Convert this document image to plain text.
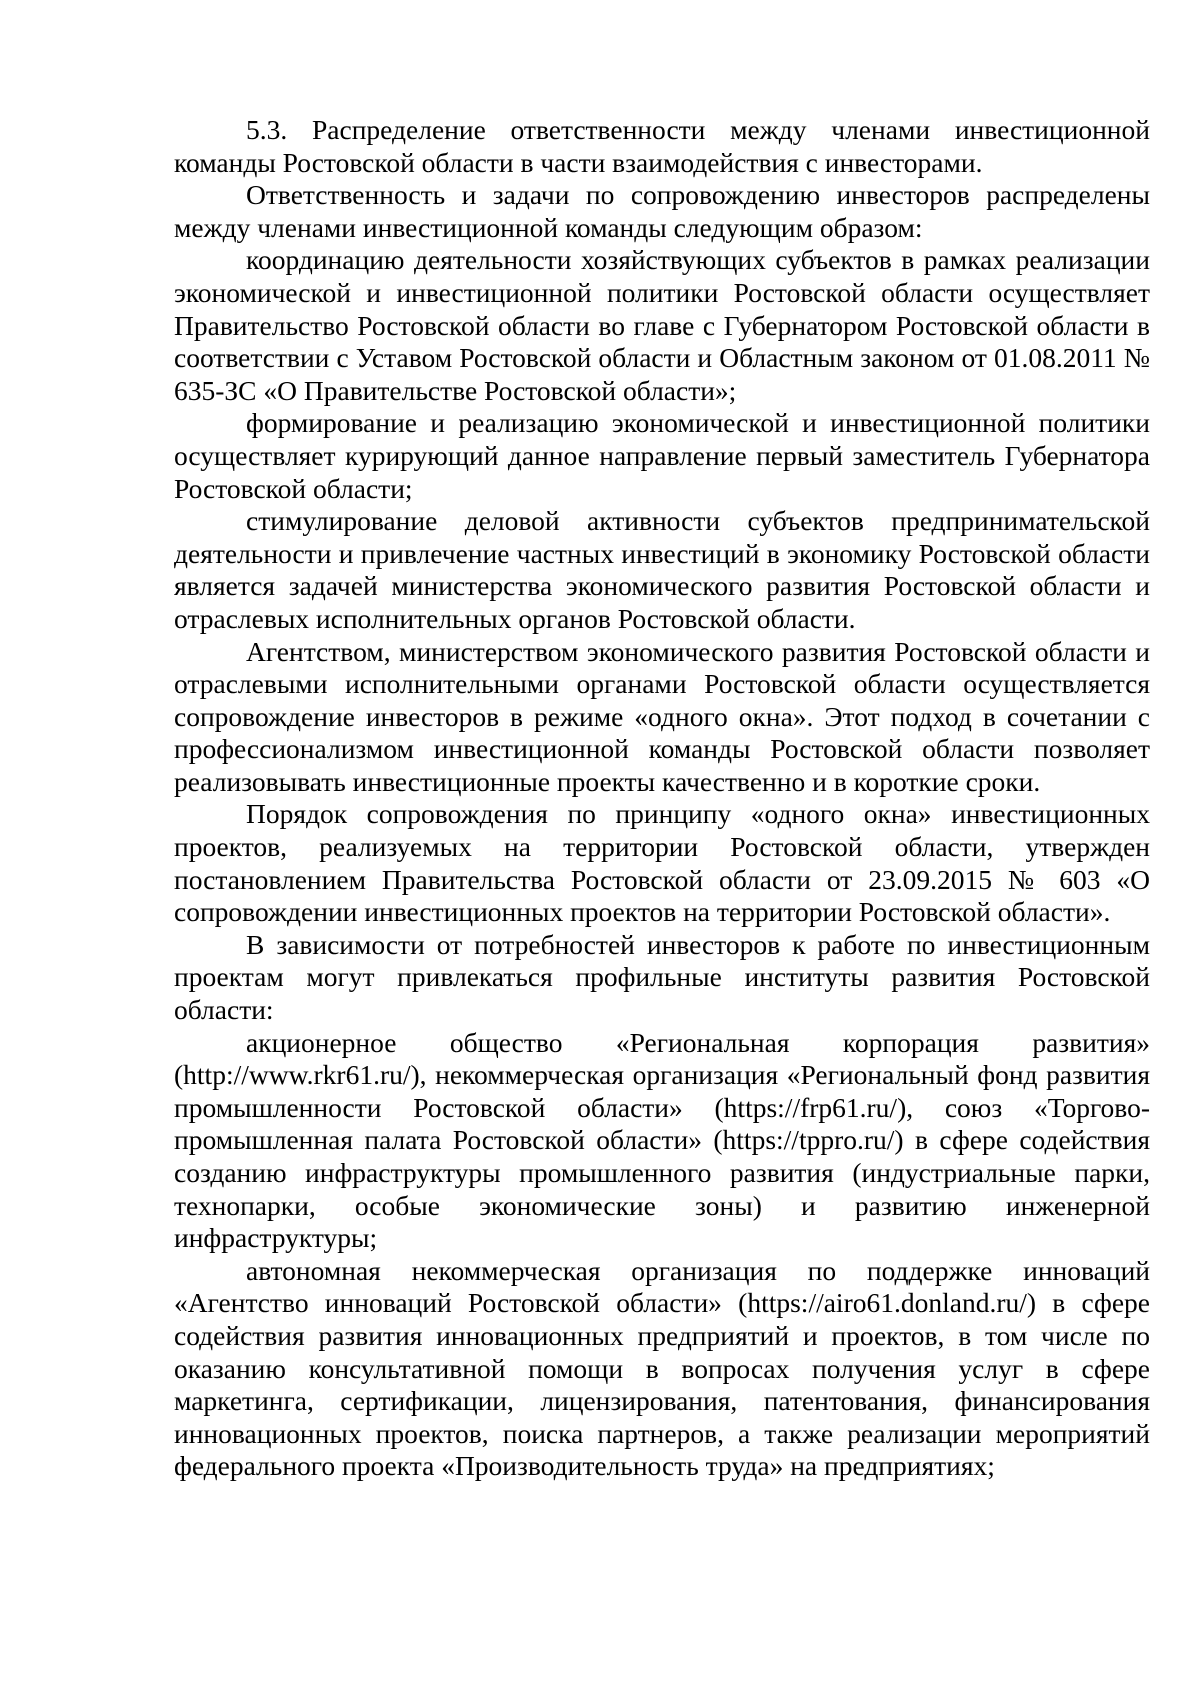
5.3. Распределение ответственности между членами инвестиционной команды Ростовской области в части взаимодействия с инвесторами.

Ответственность и задачи по сопровождению инвесторов распределены между членами инвестиционной команды следующим образом:

координацию деятельности хозяйствующих субъектов в рамках реализации экономической и инвестиционной политики Ростовской области осуществляет Правительство Ростовской области во главе с Губернатором Ростовской области в соответствии с Уставом Ростовской области и Областным законом от 01.08.2011 № 635-ЗС «О Правительстве Ростовской области»;

формирование и реализацию экономической и инвестиционной политики осуществляет курирующий данное направление первый заместитель Губернатора Ростовской области;

стимулирование деловой активности субъектов предпринимательской деятельности и привлечение частных инвестиций в экономику Ростовской области является задачей министерства экономического развития Ростовской области и отраслевых исполнительных органов Ростовской области.

Агентством, министерством экономического развития Ростовской области и отраслевыми исполнительными органами Ростовской области осуществляется сопровождение инвесторов в режиме «одного окна». Этот подход в сочетании с профессионализмом инвестиционной команды Ростовской области позволяет реализовывать инвестиционные проекты качественно и в короткие сроки.

Порядок сопровождения по принципу «одного окна» инвестиционных проектов, реализуемых на территории Ростовской области, утвержден постановлением Правительства Ростовской области от 23.09.2015 № 603 «О сопровождении инвестиционных проектов на территории Ростовской области».

В зависимости от потребностей инвесторов к работе по инвестиционным проектам могут привлекаться профильные институты развития Ростовской области:

акционерное общество «Региональная корпорация развития» (http://www.rkr61.ru/), некоммерческая организация «Региональный фонд развития промышленности Ростовской области» (https://frp61.ru/), союз «Торгово-промышленная палата Ростовской области» (https://tppro.ru/) в сфере содействия созданию инфраструктуры промышленного развития (индустриальные парки, технопарки, особые экономические зоны) и развитию инженерной инфраструктуры;

автономная некоммерческая организация по поддержке инноваций «Агентство инноваций Ростовской области» (https://airo61.donland.ru/) в сфере содействия развития инновационных предприятий и проектов, в том числе по оказанию консультативной помощи в вопросах получения услуг в сфере маркетинга, сертификации, лицензирования, патентования, финансирования инновационных проектов, поиска партнеров, а также реализации мероприятий федерального проекта «Производительность труда» на предприятиях;
